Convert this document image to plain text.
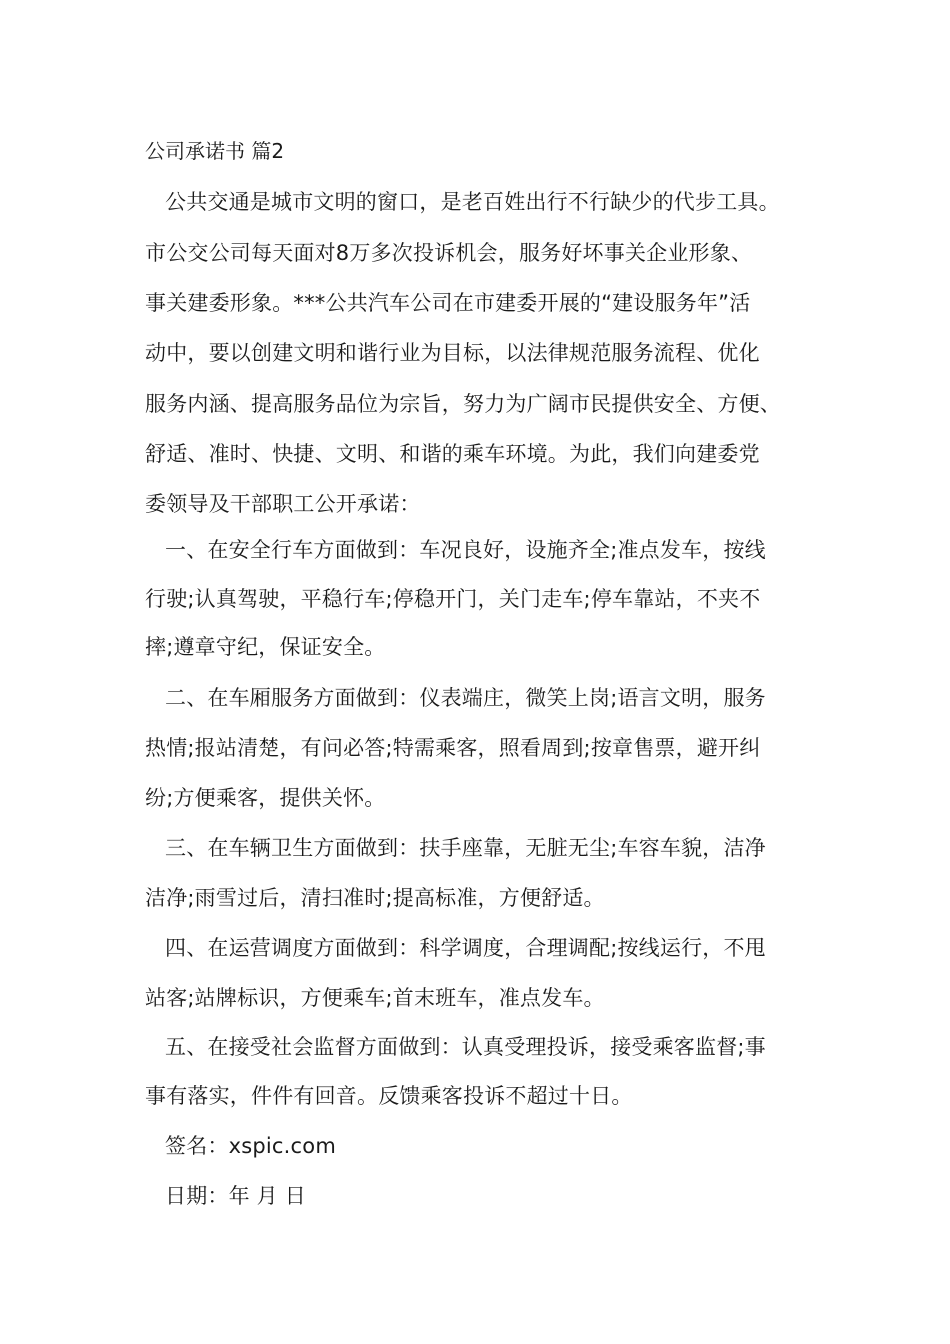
公司承诺书 篇2
公共交通是城市文明的窗口，是老百姓出行不行缺少的代步工具。
市公交公司每天面对8万多次投诉机会，服务好坏事关企业形象、
事关建委形象。***公共汽车公司在市建委开展的“建设服务年”活
动中，要以创建文明和谐行业为目标，以法律规范服务流程、优化
服务内涵、提高服务品位为宗旨，努力为广阔市民提供安全、方便、
舒适、准时、快捷、文明、和谐的乘车环境。为此，我们向建委党
委领导及干部职工公开承诺：
一、在安全行车方面做到：车况良好，设施齐全;准点发车，按线
行驶;认真驾驶，平稳行车;停稳开门，关门走车;停车靠站，不夹不
摔;遵章守纪，保证安全。
二、在车厢服务方面做到：仪表端庄，微笑上岗;语言文明，服务
热情;报站清楚，有问必答;特需乘客，照看周到;按章售票，避开纠
纷;方便乘客，提供关怀。
三、在车辆卫生方面做到：扶手座靠，无脏无尘;车容车貌，洁净
洁净;雨雪过后，清扫准时;提高标准，方便舒适。
四、在运营调度方面做到：科学调度，合理调配;按线运行，不甩
站客;站牌标识，方便乘车;首末班车，准点发车。
五、在接受社会监督方面做到：认真受理投诉，接受乘客监督;事
事有落实，件件有回音。反馈乘客投诉不超过十日。
签名：xspic.com
日期：年 月 日
